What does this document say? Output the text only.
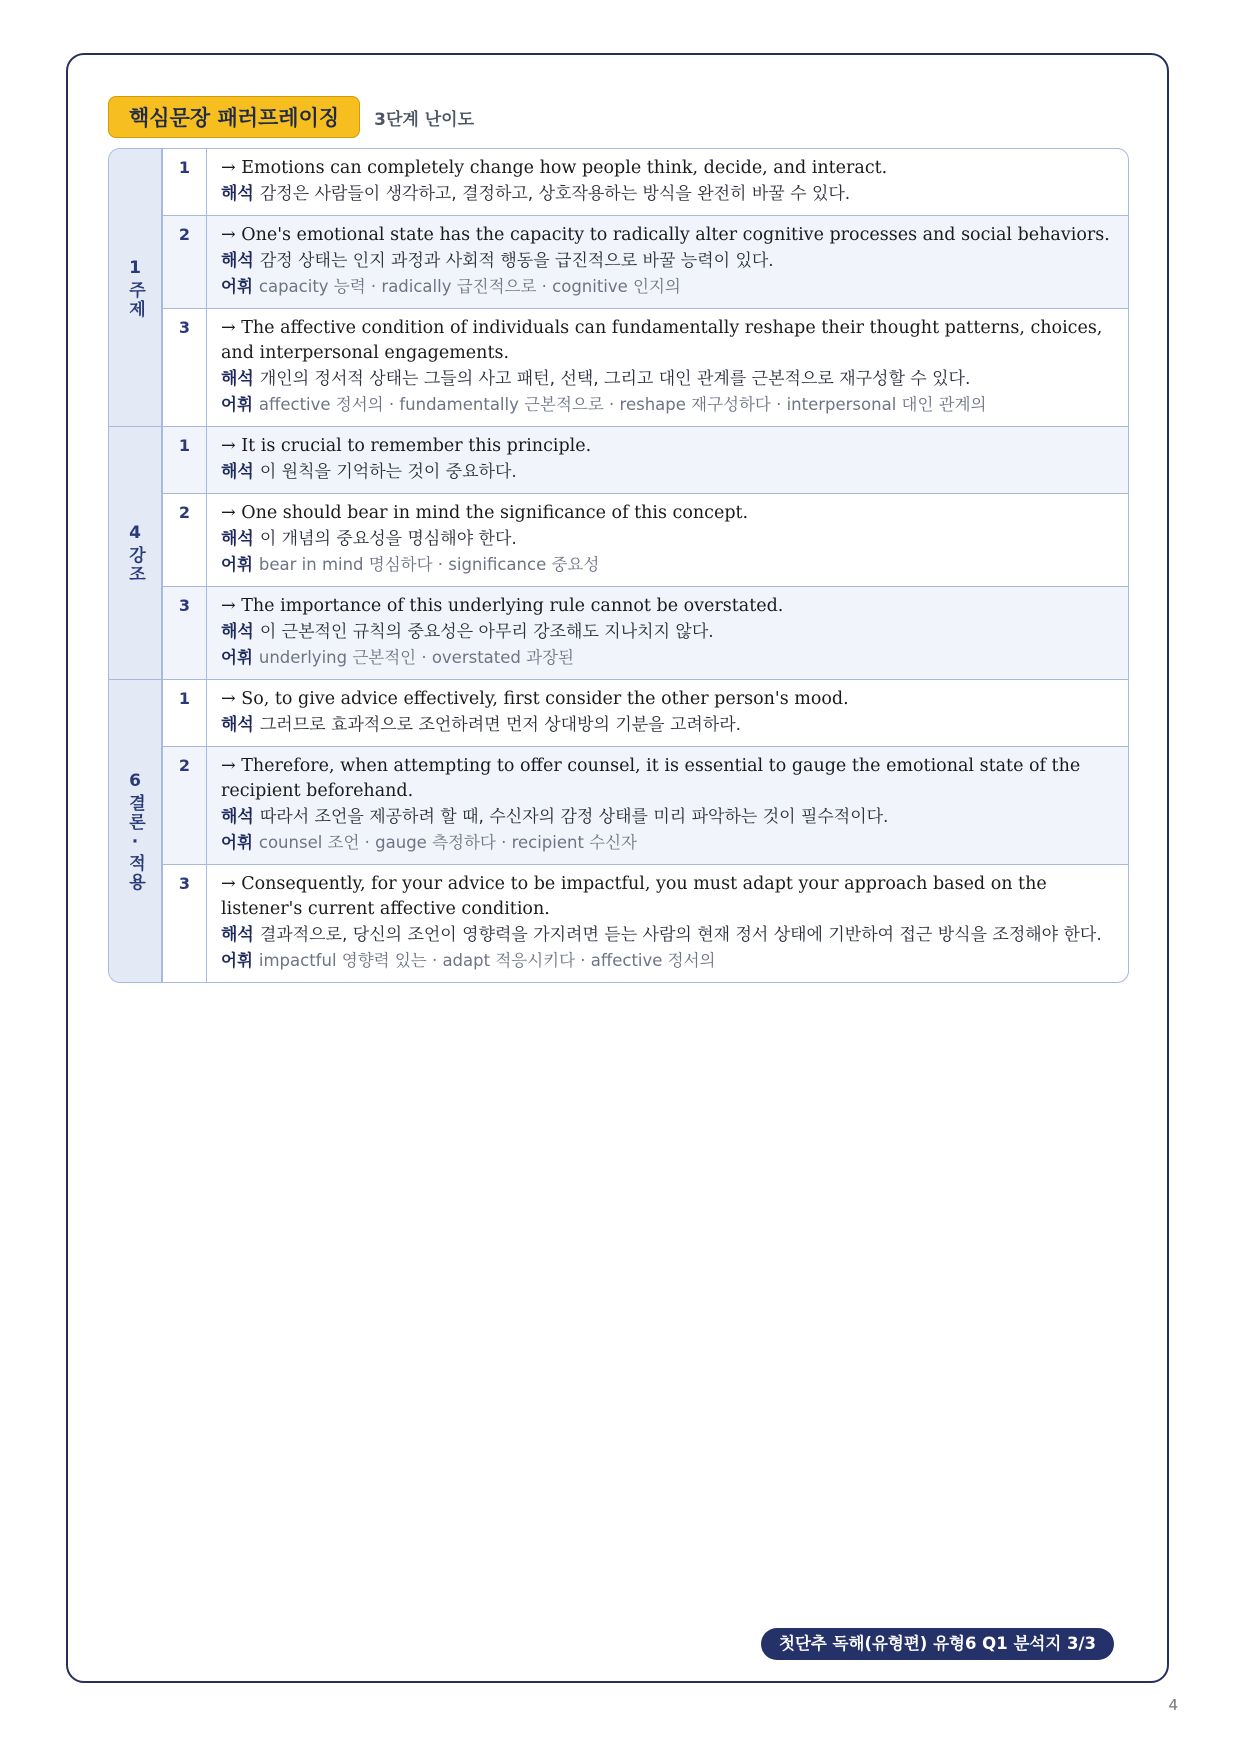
핵심문장 패러프레이징	3단계 난이도
1
주제
1	→ Emotions can completely change how people think, decide, and interact.
해석 감정은 사람들이 생각하고, 결정하고, 상호작용하는 방식을 완전히 바꿀 수 있다.
2	→ One's emotional state has the capacity to radically alter cognitive processes and social behaviors.
해석 감정 상태는 인지 과정과 사회적 행동을 급진적으로 바꿀 능력이 있다.
어휘 capacity 능력 · radically 급진적으로 · cognitive 인지의
3	→ The affective condition of individuals can fundamentally reshape their thought patterns, choices, and interpersonal engagements.
해석 개인의 정서적 상태는 그들의 사고 패턴, 선택, 그리고 대인 관계를 근본적으로 재구성할 수 있다.
어휘 affective 정서의 · fundamentally 근본적으로 · reshape 재구성하다 · interpersonal 대인 관계의
4
강조
1	→ It is crucial to remember this principle.
해석 이 원칙을 기억하는 것이 중요하다.
2	→ One should bear in mind the significance of this concept.
해석 이 개념의 중요성을 명심해야 한다.
어휘 bear in mind 명심하다 · significance 중요성
3	→ The importance of this underlying rule cannot be overstated.
해석 이 근본적인 규칙의 중요성은 아무리 강조해도 지나치지 않다.
어휘 underlying 근본적인 · overstated 과장된
6
결론·적용
1	→ So, to give advice effectively, first consider the other person's mood.
해석 그러므로 효과적으로 조언하려면 먼저 상대방의 기분을 고려하라.
2	→ Therefore, when attempting to offer counsel, it is essential to gauge the emotional state of the recipient beforehand.
해석 따라서 조언을 제공하려 할 때, 수신자의 감정 상태를 미리 파악하는 것이 필수적이다.
어휘 counsel 조언 · gauge 측정하다 · recipient 수신자
3	→ Consequently, for your advice to be impactful, you must adapt your approach based on the listener's current affective condition.
해석 결과적으로, 당신의 조언이 영향력을 가지려면 듣는 사람의 현재 정서 상태에 기반하여 접근 방식을 조정해야 한다.
어휘 impactful 영향력 있는 · adapt 적응시키다 · affective 정서의
첫단추 독해(유형편) 유형6 Q1 분석지 3/3
4
